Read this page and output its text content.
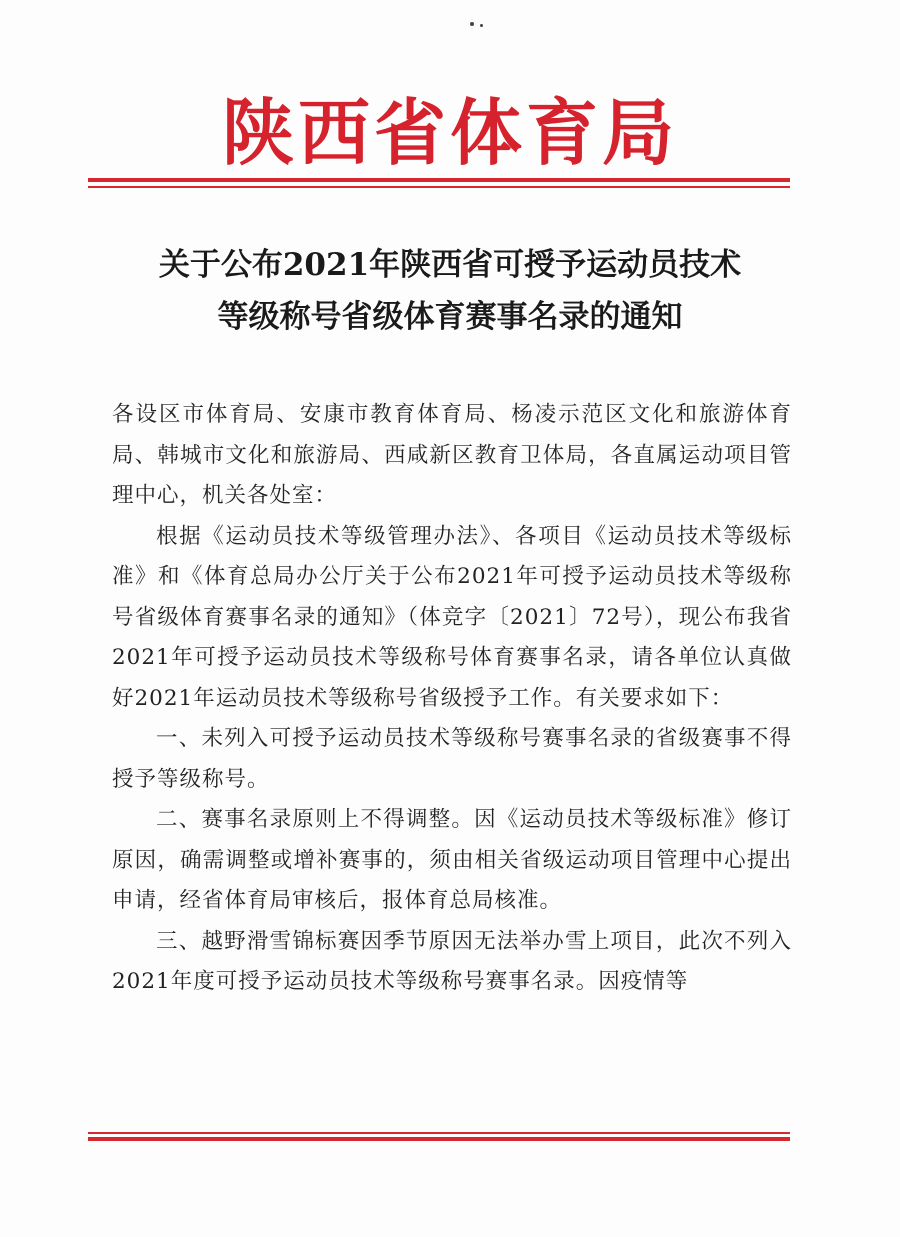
陕西省体育局
关于公布2021年陕西省可授予运动员技术
等级称号省级体育赛事名录的通知

各设区市体育局、安康市教育体育局、杨凌示范区文化和旅游体育局、韩城市文化和旅游局、西咸新区教育卫体局，各直属运动项目管理中心，机关各处室：

根据《运动员技术等级管理办法》、各项目《运动员技术等级标准》和《体育总局办公厅关于公布2021年可授予运动员技术等级称号省级体育赛事名录的通知》（体竞字〔2021〕72号），现公布我省2021年可授予运动员技术等级称号体育赛事名录，请各单位认真做好2021年运动员技术等级称号省级授予工作。有关要求如下：

一、未列入可授予运动员技术等级称号赛事名录的省级赛事不得授予等级称号。

二、赛事名录原则上不得调整。因《运动员技术等级标准》修订原因，确需调整或增补赛事的，须由相关省级运动项目管理中心提出申请，经省体育局审核后，报体育总局核准。

三、越野滑雪锦标赛因季节原因无法举办雪上项目，此次不列入2021年度可授予运动员技术等级称号赛事名录。因疫情等
